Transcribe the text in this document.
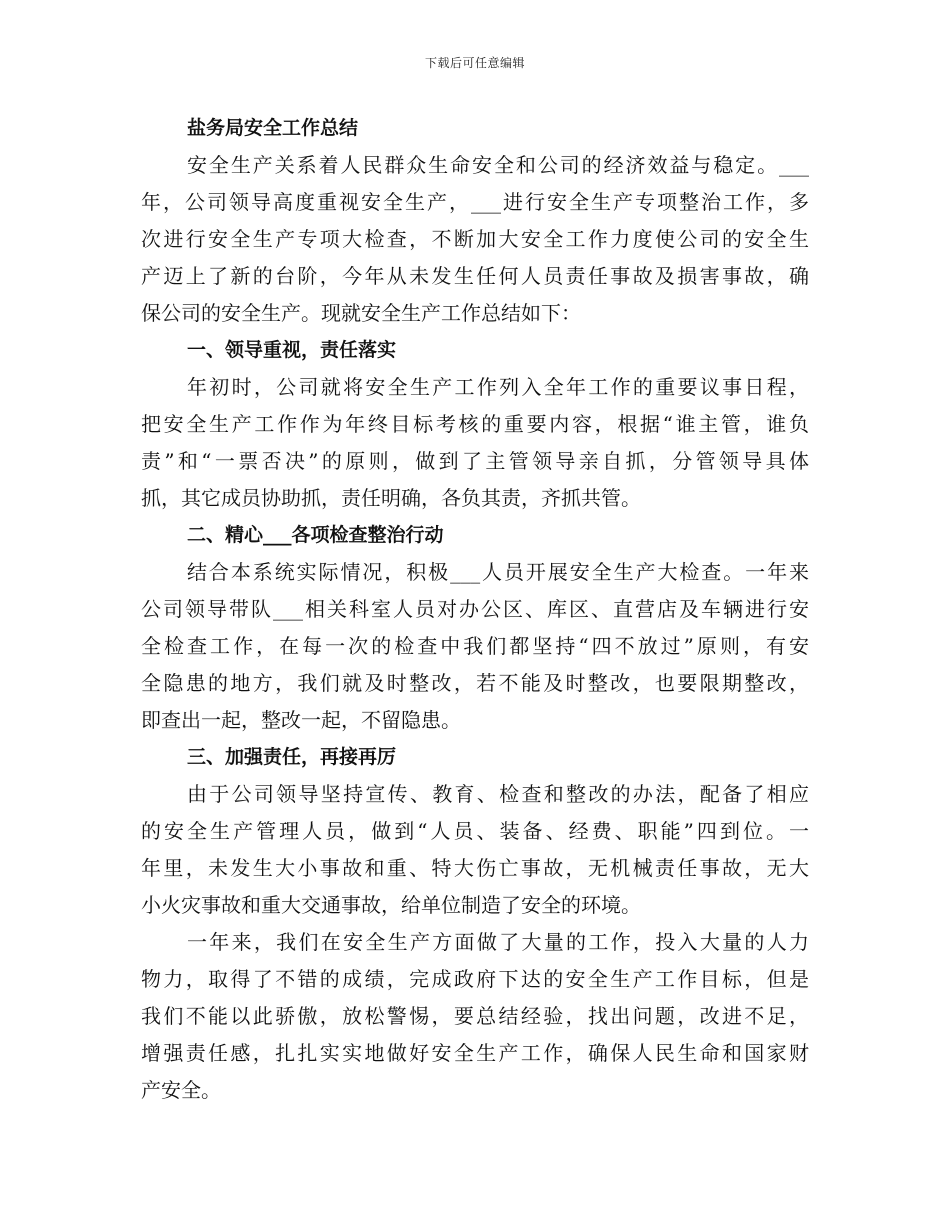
下载后可任意编辑
盐务局安全工作总结
安全生产关系着人民群众生命安全和公司的经济效益与稳定。___
年，公司领导高度重视安全生产，___进行安全生产专项整治工作，多
次进行安全生产专项大检查，不断加大安全工作力度使公司的安全生
产迈上了新的台阶，今年从未发生任何人员责任事故及损害事故，确
保公司的安全生产。现就安全生产工作总结如下：
一、领导重视，责任落实
年初时，公司就将安全生产工作列入全年工作的重要议事日程，
把安全生产工作作为年终目标考核的重要内容，根据“谁主管，谁负
责”和“一票否决”的原则，做到了主管领导亲自抓，分管领导具体
抓，其它成员协助抓，责任明确，各负其责，齐抓共管。
二、精心___各项检查整治行动
结合本系统实际情况，积极___人员开展安全生产大检查。一年来
公司领导带队___相关科室人员对办公区、库区、直营店及车辆进行安
全检查工作，在每一次的检查中我们都坚持“四不放过”原则，有安
全隐患的地方，我们就及时整改，若不能及时整改，也要限期整改，
即查出一起，整改一起，不留隐患。
三、加强责任，再接再厉
由于公司领导坚持宣传、教育、检查和整改的办法，配备了相应
的安全生产管理人员，做到“人员、装备、经费、职能”四到位。一
年里，未发生大小事故和重、特大伤亡事故，无机械责任事故，无大
小火灾事故和重大交通事故，给单位制造了安全的环境。
一年来，我们在安全生产方面做了大量的工作，投入大量的人力
物力，取得了不错的成绩，完成政府下达的安全生产工作目标，但是
我们不能以此骄傲，放松警惕，要总结经验，找出问题，改进不足，
增强责任感，扎扎实实地做好安全生产工作，确保人民生命和国家财
产安全。
